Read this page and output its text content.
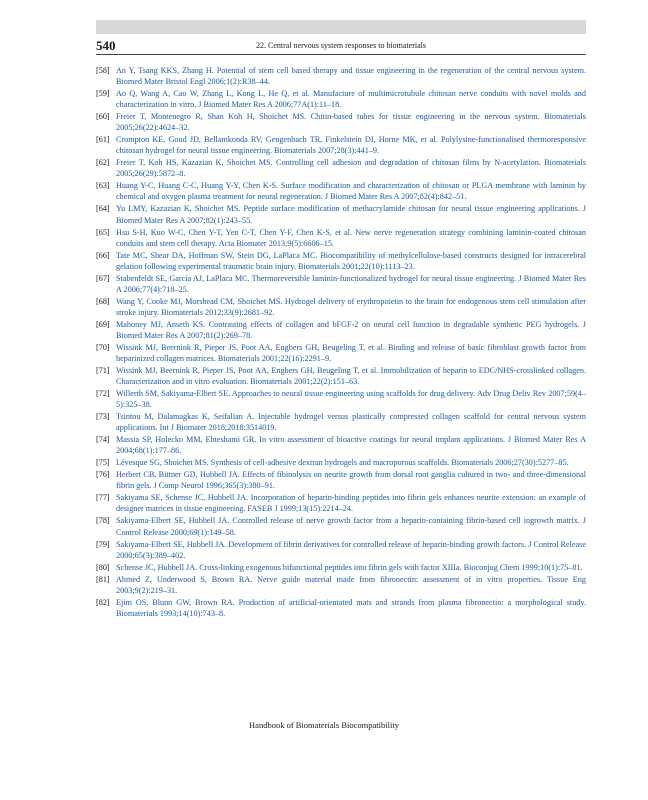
540	22. Central nervous system responses to biomaterials
[58] An Y, Tsang KKS, Zhang H. Potential of stem cell based therapy and tissue engineering in the regeneration of the central nervous system. Biomed Mater Bristol Engl 2006;1(2):R38–44.
[59] Ao Q, Wang A, Cao W, Zhang L, Kong L, He Q, et al. Manufacture of multimicrotubule chitosan nerve conduits with novel molds and characterization in vitro. J Biomed Mater Res A 2006;77A(1):11–18.
[60] Freier T, Montenegro R, Shan Koh H, Shoichet MS. Chitin-based tubes for tissue engineering in the nervous system. Biomaterials 2005;26(22):4624–32.
[61] Crompton KE, Goud JD, Bellamkonda RV, Gengenbach TR, Finkelstein DI, Horne MK, et al. Polylysine-functionalised thermoresponsive chitosan hydrogel for neural tissue engineering. Biomaterials 2007;28(3):441–9.
[62] Freier T, Koh HS, Kazazian K, Shoichet MS. Controlling cell adhesion and degradation of chitosan films by N-acetylation. Biomaterials 2005;26(29):5872–8.
[63] Huang Y-C, Huang C-C, Huang Y-Y, Chen K-S. Surface modification and characterization of chitosan or PLGA membrane with laminin by chemical and oxygen plasma treatment for neural regeneration. J Biomed Mater Res A 2007;82(4):842–51.
[64] Yu LMY, Kazazian K, Shoichet MS. Peptide surface modification of methacrylamide chitosan for neural tissue engineering applications. J Biomed Mater Res A 2007;82(1):243–55.
[65] Hsu S-H, Kuo W-C, Chen Y-T, Yen C-T, Chen Y-F, Chen K-S, et al. New nerve regeneration strategy combining laminin-coated chitosan conduits and stem cell therapy. Acta Biomater 2013;9(5):6606–15.
[66] Tate MC, Shear DA, Hoffman SW, Stein DG, LaPlaca MC. Biocompatibility of methylcellulose-based constructs designed for intracerebral gelation following experimental traumatic brain injury. Biomaterials 2001;22(10):1113–23.
[67] Stabenfeldt SE, García AJ, LaPlaca MC. Thermoreversible laminin-functionalized hydrogel for neural tissue engineering. J Biomed Mater Res A 2006;77(4):718–25.
[68] Wang Y, Cooke MJ, Morshead CM, Shoichet MS. Hydrogel delivery of erythropoietin to the brain for endogenous stem cell stimulation after stroke injury. Biomaterials 2012;33(9):2681–92.
[69] Mahoney MJ, Anseth KS. Contrasting effects of collagen and bFGF-2 on neural cell function in degradable synthetic PEG hydrogels. J Biomed Mater Res A 2007;81(2):269–78.
[70] Wissink MJ, Beernink R, Pieper JS, Poot AA, Engbers GH, Beugeling T, et al. Binding and release of basic fibroblast growth factor from heparinized collagen matrices. Biomaterials 2001;22(16):2291–9.
[71] Wissink MJ, Beernink R, Pieper JS, Poot AA, Engbers GH, Beugeling T, et al. Immobilization of heparin to EDC/NHS-crosslinked collagen. Characterization and in vitro evaluation. Biomaterials 2001;22(2):151–63.
[72] Willerth SM, Sakiyama-Elbert SE. Approaches to neural tissue engineering using scaffolds for drug delivery. Adv Drug Deliv Rev 2007;59(4–5):325–38.
[73] Tsintou M, Dalamagkas K, Seifalian A. Injectable hydrogel versus plastically compressed collagen scaffold for central nervous system applications. Int J Biomater 2018;2018:3514019.
[74] Massia SP, Holecko MM, Ehteshami GR. In vitro assessment of bioactive coatings for neural implant applications. J Biomed Mater Res A 2004;68(1):177–86.
[75] Lévesque SG, Shoichet MS. Synthesis of cell-adhesive dextran hydrogels and macroporous scaffolds. Biomaterials 2006;27(30):5277–85.
[76] Herbert CB, Bittner GD, Hubbell JA. Effects of fibinolysis on neurite growth from dorsal root ganglia cultured in two- and three-dimensional fibrin gels. J Comp Neurol 1996;365(3):380–91.
[77] Sakiyama SE, Schense JC, Hubbell JA. Incorporation of heparin-binding peptides into fibrin gels enhances neurite extension: an example of designer matrices in tissue engineering. FASEB J 1999;13(15):2214–24.
[78] Sakiyama-Elbert SE, Hubbell JA. Controlled release of nerve growth factor from a heparin-containing fibrin-based cell ingrowth matrix. J Control Release 2000;69(1):149–58.
[79] Sakiyama-Elbert SE, Hubbell JA. Development of fibrin derivatives for controlled release of heparin-binding growth factors. J Control Release 2000;65(3):389–402.
[80] Schense JC, Hubbell JA. Cross-linking exogenous bifunctional peptides into fibrin gels with factor XIIIa. Bioconjug Chem 1999;10(1):75–81.
[81] Ahmed Z, Underwood S, Brown RA. Nerve guide material made from fibronectin: assessment of in vitro properties. Tissue Eng 2003;9(2):219–31.
[82] Ejim OS, Blunn GW, Brown RA. Production of artificial-orientated mats and strands from plasma fibronectin: a morphological study. Biomaterials 1993;14(10):743–8.
Handbook of Biomaterials Biocompatibility
